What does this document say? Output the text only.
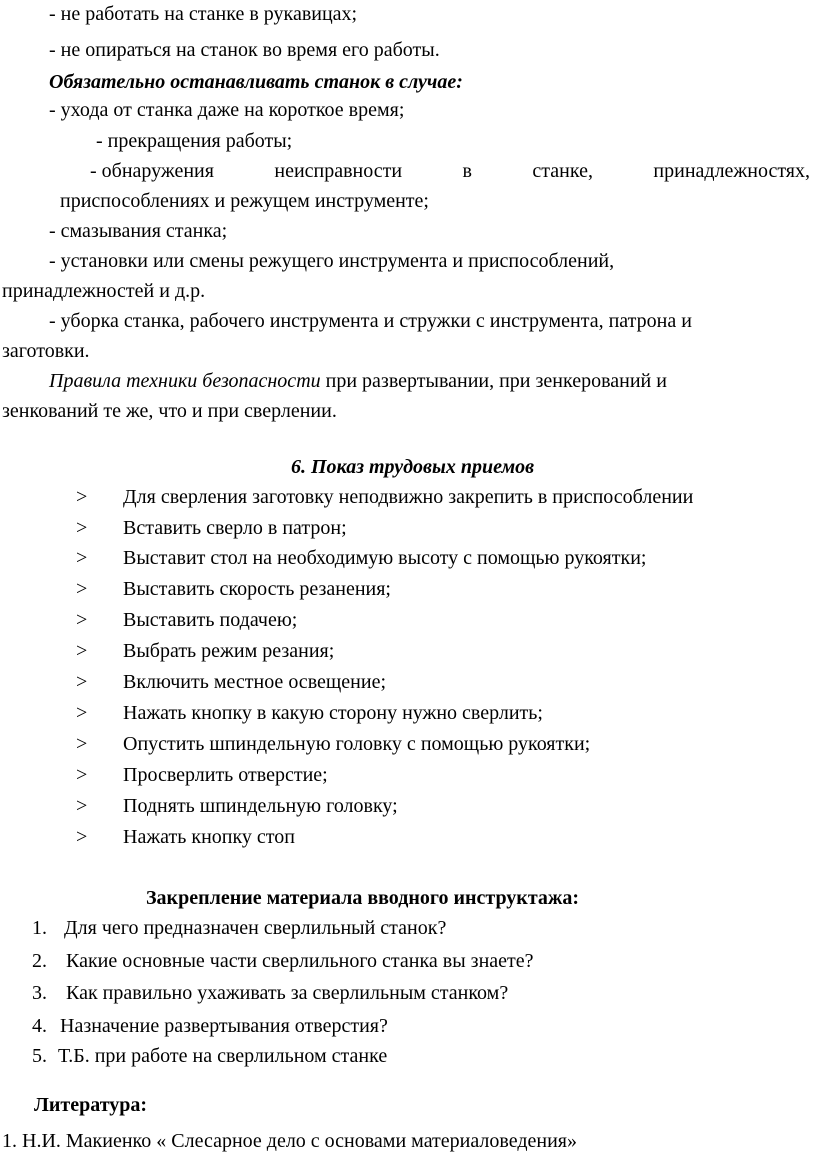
- не работать на станке в рукавицах;
- не опираться на станок во время его работы.
Обязательно останавливать станок в случае:
- ухода от станка даже на короткое время;
- прекращения работы;
- обнаружения	неисправности	в	станке,	принадлежностях,
приспособлениях и режущем инструменте;
- смазывания станка;
- установки или смены режущего инструмента и приспособлений,
принадлежностей и д.р.
- уборка станка, рабочего инструмента и стружки с инструмента, патрона и
заготовки.
Правила техники безопасности при развертывании, при зенкерований и
зенкований те же, что и при сверлении.
6. Показ трудовых приемов
> Для сверления заготовку неподвижно закрепить в приспособлении
> Вставить сверло в патрон;
> Выставит стол на необходимую высоту с помощью рукоятки;
> Выставить скорость резанения;
> Выставить подачею;
> Выбрать режим резания;
> Включить местное освещение;
> Нажать кнопку в какую сторону нужно сверлить;
> Опустить шпиндельную головку с помощью рукоятки;
> Просверлить отверстие;
> Поднять шпиндельную головку;
> Нажать кнопку стоп
Закрепление материала вводного инструктажа:
1. Для чего предназначен сверлильный станок?
2. Какие основные части сверлильного станка вы знаете?
3. Как правильно ухаживать за сверлильным станком?
4. Назначение развертывания отверстия?
5. Т.Б. при работе на сверлильном станке
Литература:
1. Н.И. Макиенко « Слесарное дело с основами материаловедения»
